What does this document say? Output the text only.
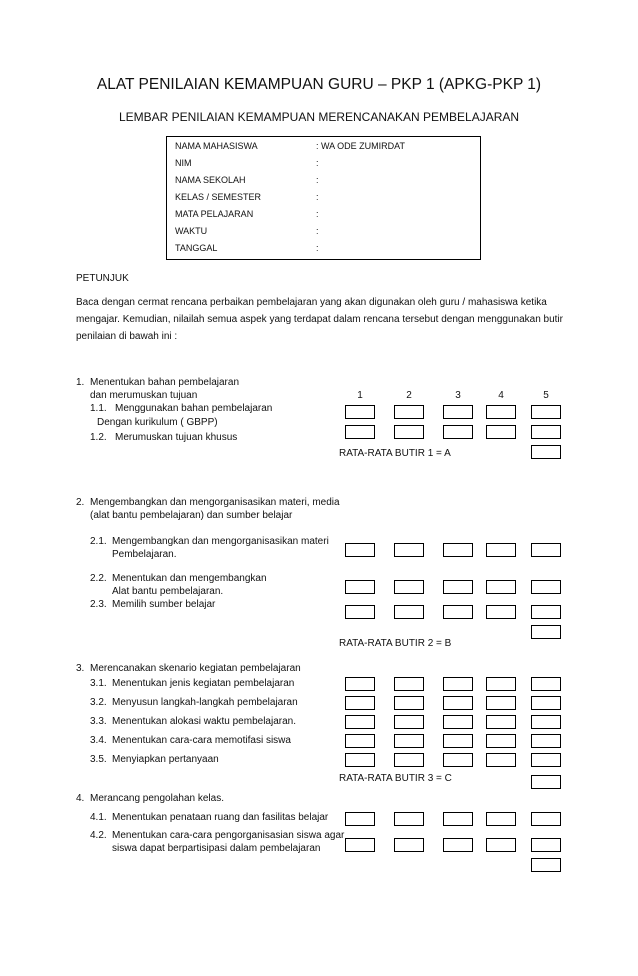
ALAT PENILAIAN KEMAMPUAN GURU – PKP 1 (APKG-PKP 1)
LEMBAR PENILAIAN KEMAMPUAN MERENCANAKAN PEMBELAJARAN
NAMA MAHASISWA	: WA ODE ZUMIRDAT
NIM	:
NAMA SEKOLAH	:
KELAS / SEMESTER	:
MATA PELAJARAN	:
WAKTU	:
TANGGAL	:
PETUNJUK
Baca dengan cermat rencana perbaikan pembelajaran yang akan digunakan oleh guru / mahasiswa ketika
mengajar. Kemudian, nilailah semua aspek yang terdapat dalam rencana tersebut dengan menggunakan butir
penilaian di bawah ini :
1. Menentukan bahan pembelajaran
dan merumuskan tujuan	1	2	3	4	5
1.1. Menggunakan bahan pembelajaran
Dengan kurikulum ( GBPP)
1.2. Merumuskan tujuan khusus
RATA-RATA BUTIR 1 = A
2. Mengembangkan dan mengorganisasikan materi, media
(alat bantu pembelajaran) dan sumber belajar
2.1. Mengembangkan dan mengorganisasikan materi
Pembelajaran.
2.2. Menentukan dan mengembangkan
Alat bantu pembelajaran.
2.3. Memilih sumber belajar
RATA-RATA BUTIR 2 = B
3. Merencanakan skenario kegiatan pembelajaran
3.1. Menentukan jenis kegiatan pembelajaran
3.2. Menyusun langkah-langkah pembelajaran
3.3. Menentukan alokasi waktu pembelajaran.
3.4. Menentukan cara-cara memotifasi siswa
3.5. Menyiapkan pertanyaan
RATA-RATA BUTIR 3 = C
4. Merancang pengolahan kelas.
4.1. Menentukan penataan ruang dan fasilitas belajar
4.2. Menentukan cara-cara pengorganisasian siswa agar
siswa dapat berpartisipasi dalam pembelajaran
